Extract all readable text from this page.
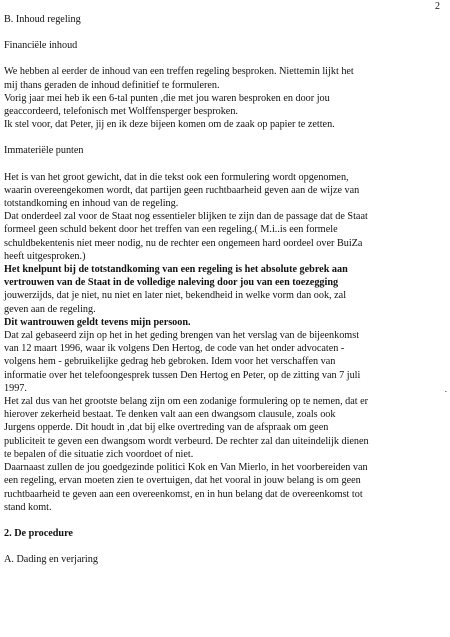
2
.
B. Inhoud regeling
Financiële inhoud
We hebben al eerder de inhoud van een treffen regeling besproken. Niettemin lijkt het
mij thans geraden de inhoud definitief te formuleren.
Vorig jaar mei heb ik een 6-tal punten ,die met jou waren besproken en door jou
geaccordeerd, telefonisch met Wolffensperger besproken.
Ik stel voor, dat Peter, jij en ik deze bijeen komen om de zaak op papier te zetten.
Immateriële punten
Het is van het groot gewicht, dat in die tekst ook een formulering wordt opgenomen,
waarin overeengekomen wordt, dat partijen geen ruchtbaarheid geven aan de wijze van
totstandkoming en inhoud van de regeling.
Dat onderdeel zal voor de Staat nog essentieler blijken te zijn dan de passage dat de Staat
formeel geen schuld bekent door het treffen van een regeling.( M.i..is een formele
schuldbekentenis niet meer nodig, nu de rechter een ongemeen hard oordeel over BuiZa
heeft uitgesproken.)
Het knelpunt bij de totstandkoming van een regeling is het absolute gebrek aan
vertrouwen van de Staat in de volledige naleving door jou van een toezegging
jouwerzijds, dat je niet, nu niet en later niet, bekendheid in welke vorm dan ook, zal
geven aan de regeling.
Dit wantrouwen geldt tevens mijn persoon.
Dat zal gebaseerd zijn op het in het geding brengen van het verslag van de bijeenkomst
van 12 maart 1996, waar ik volgens Den Hertog, de code van het onder advocaten -
volgens hem - gebruikelijke gedrag heb gebroken. Idem voor het verschaffen van
informatie over het telefoongesprek tussen Den Hertog en Peter, op de zitting van 7 juli
1997.
Het zal dus van het grootste belang zijn om een zodanige formulering op te nemen, dat er
hierover zekerheid bestaat. Te denken valt aan een dwangsom clausule, zoals ook
Jurgens opperde. Dit houdt in ,dat bij elke overtreding van de afspraak om geen
publiciteit te geven een dwangsom wordt verbeurd. De rechter zal dan uiteindelijk dienen
te bepalen of die situatie zich voordoet of niet.
Daarnaast zullen de jou goedgezinde politici Kok en Van Mierlo, in het voorbereiden van
een regeling, ervan moeten zien te overtuigen, dat het vooral in jouw belang is om geen
ruchtbaarheid te geven aan een overeenkomst, en in hun belang dat de overeenkomst tot
stand komt.
2. De procedure
A. Dading en verjaring
